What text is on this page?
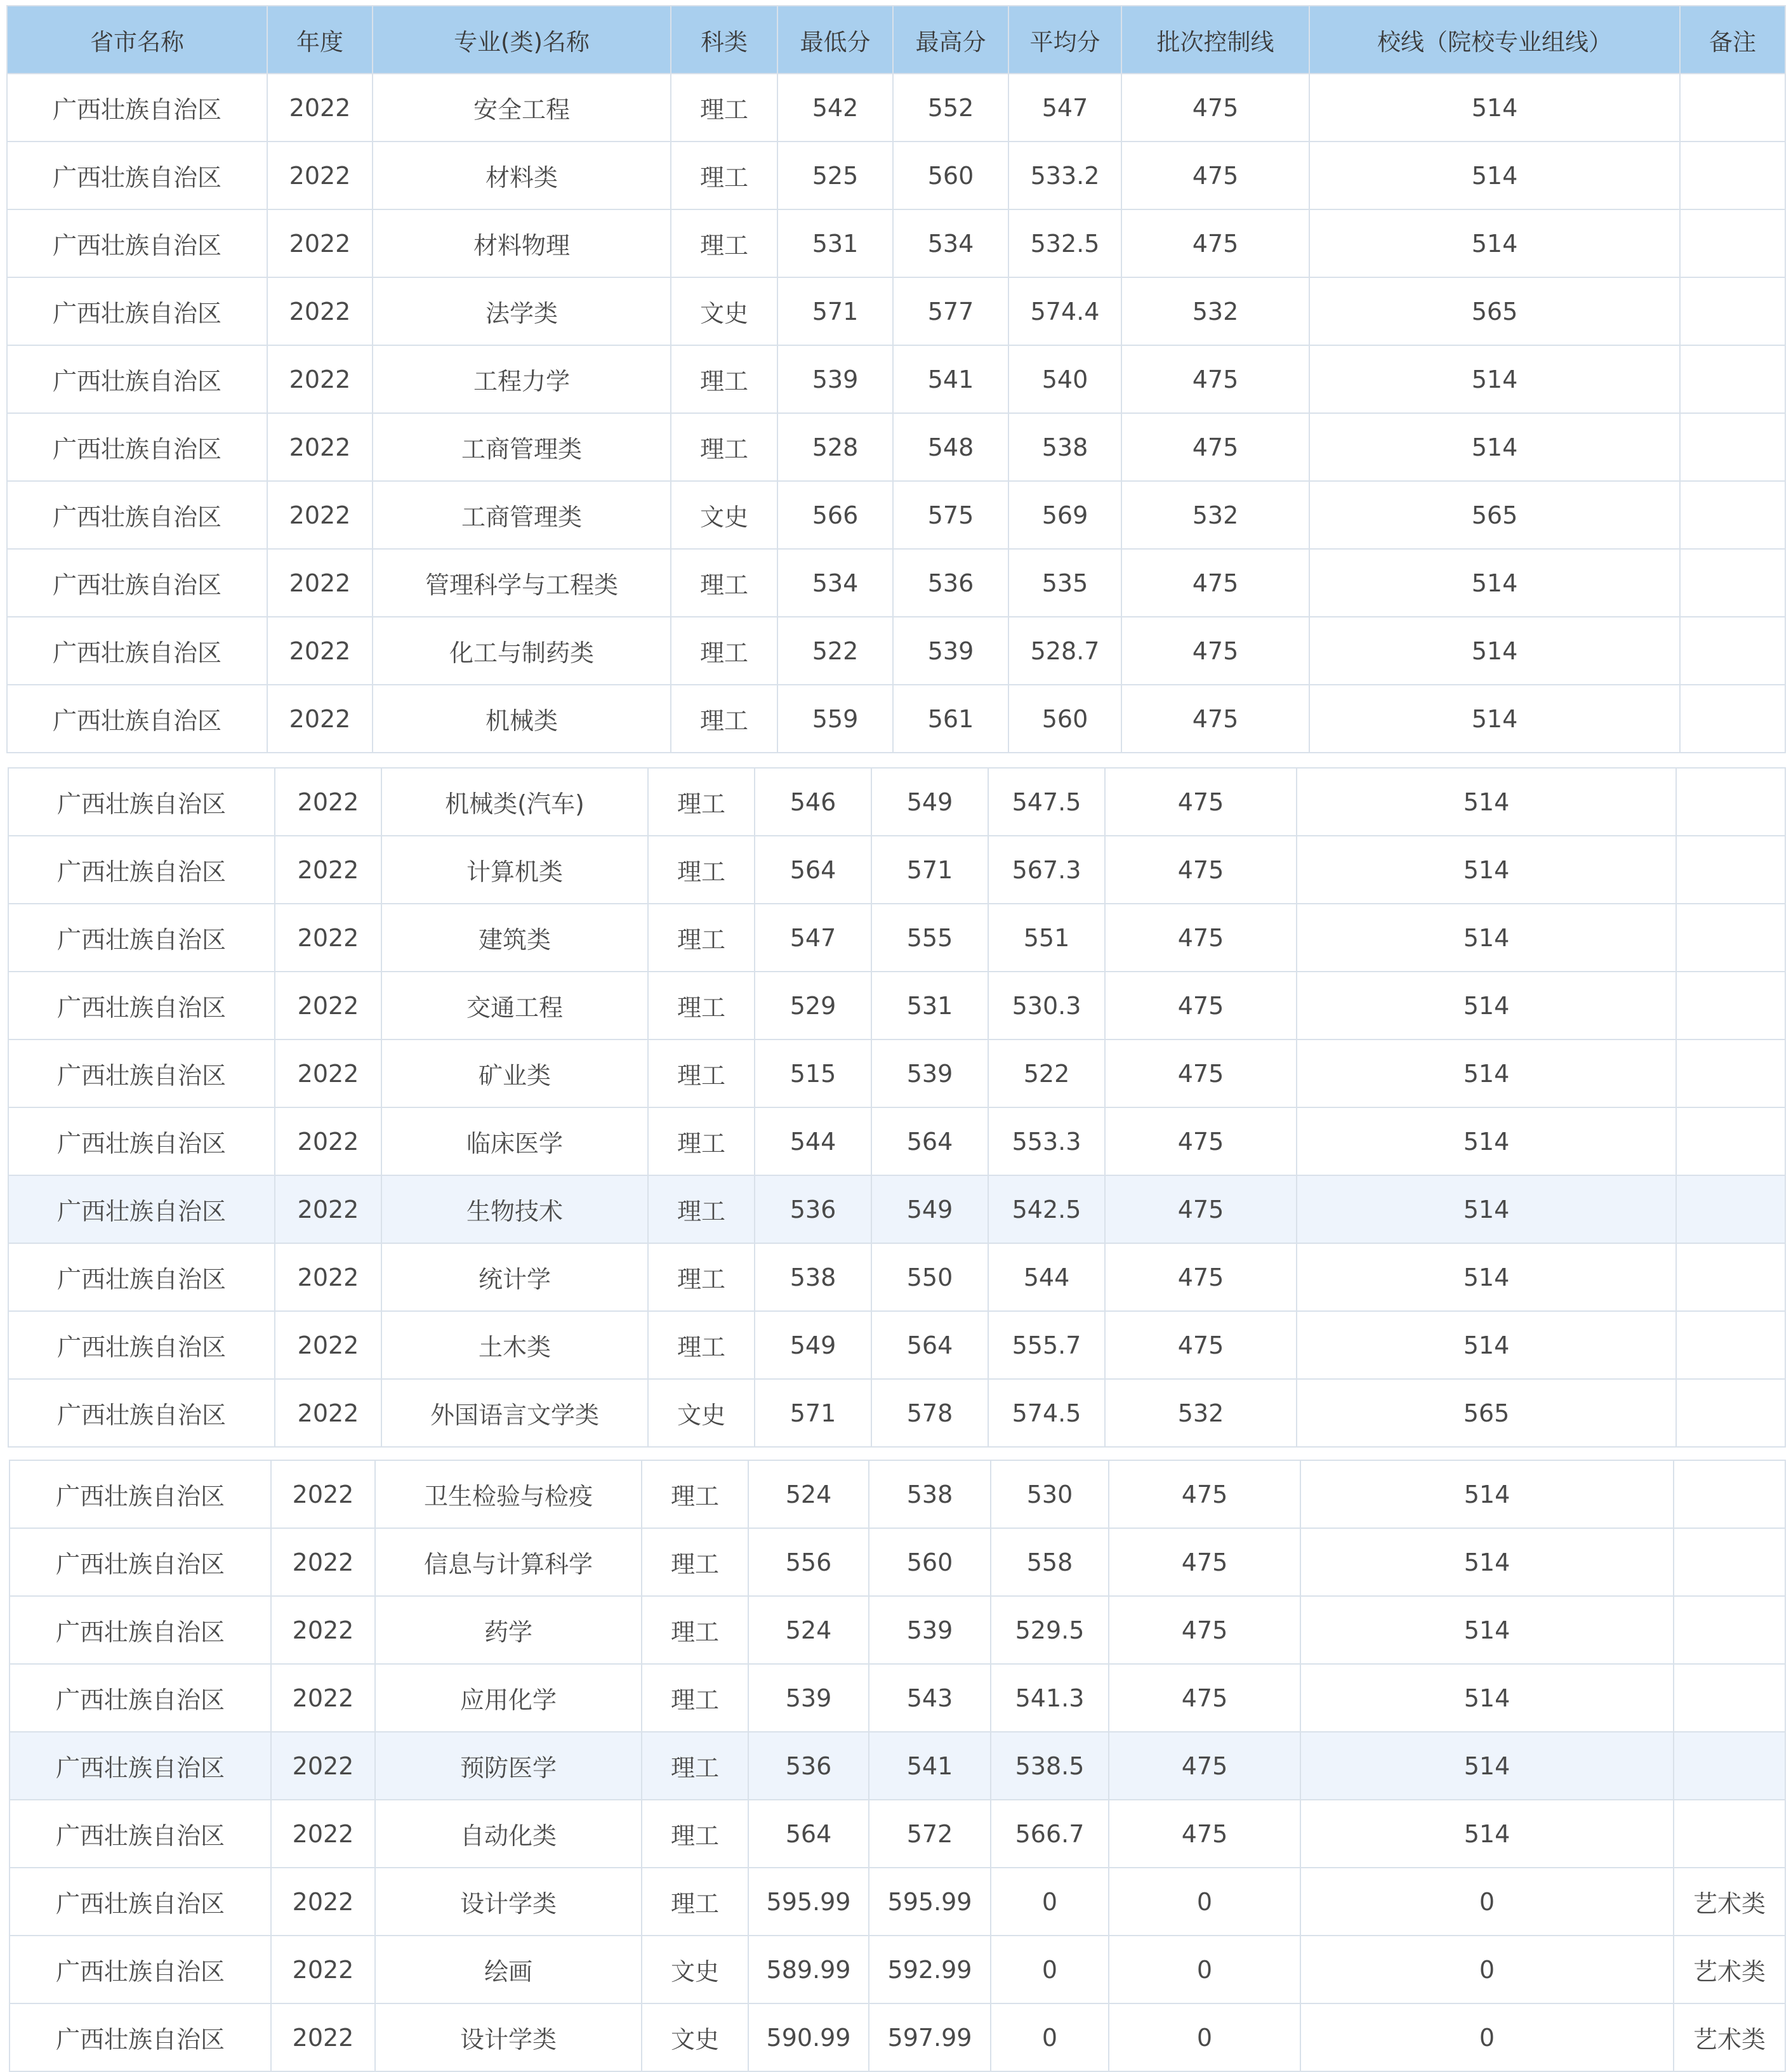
省市名称	年度	专业(类)名称	科类	最低分	最高分	平均分	批次控制线	校线（院校专业组线）	备注
广西壮族自治区	2022	安全工程	理工	542	552	547	475	514	
广西壮族自治区	2022	材料类	理工	525	560	533.2	475	514	
广西壮族自治区	2022	材料物理	理工	531	534	532.5	475	514	
广西壮族自治区	2022	法学类	文史	571	577	574.4	532	565	
广西壮族自治区	2022	工程力学	理工	539	541	540	475	514	
广西壮族自治区	2022	工商管理类	理工	528	548	538	475	514	
广西壮族自治区	2022	工商管理类	文史	566	575	569	532	565	
广西壮族自治区	2022	管理科学与工程类	理工	534	536	535	475	514	
广西壮族自治区	2022	化工与制药类	理工	522	539	528.7	475	514	
广西壮族自治区	2022	机械类	理工	559	561	560	475	514	
广西壮族自治区	2022	机械类(汽车)	理工	546	549	547.5	475	514	
广西壮族自治区	2022	计算机类	理工	564	571	567.3	475	514	
广西壮族自治区	2022	建筑类	理工	547	555	551	475	514	
广西壮族自治区	2022	交通工程	理工	529	531	530.3	475	514	
广西壮族自治区	2022	矿业类	理工	515	539	522	475	514	
广西壮族自治区	2022	临床医学	理工	544	564	553.3	475	514	
广西壮族自治区	2022	生物技术	理工	536	549	542.5	475	514	
广西壮族自治区	2022	统计学	理工	538	550	544	475	514	
广西壮族自治区	2022	土木类	理工	549	564	555.7	475	514	
广西壮族自治区	2022	外国语言文学类	文史	571	578	574.5	532	565	
广西壮族自治区	2022	卫生检验与检疫	理工	524	538	530	475	514	
广西壮族自治区	2022	信息与计算科学	理工	556	560	558	475	514	
广西壮族自治区	2022	药学	理工	524	539	529.5	475	514	
广西壮族自治区	2022	应用化学	理工	539	543	541.3	475	514	
广西壮族自治区	2022	预防医学	理工	536	541	538.5	475	514	
广西壮族自治区	2022	自动化类	理工	564	572	566.7	475	514	
广西壮族自治区	2022	设计学类	理工	595.99	595.99	0	0	0	艺术类
广西壮族自治区	2022	绘画	文史	589.99	592.99	0	0	0	艺术类
广西壮族自治区	2022	设计学类	文史	590.99	597.99	0	0	0	艺术类
